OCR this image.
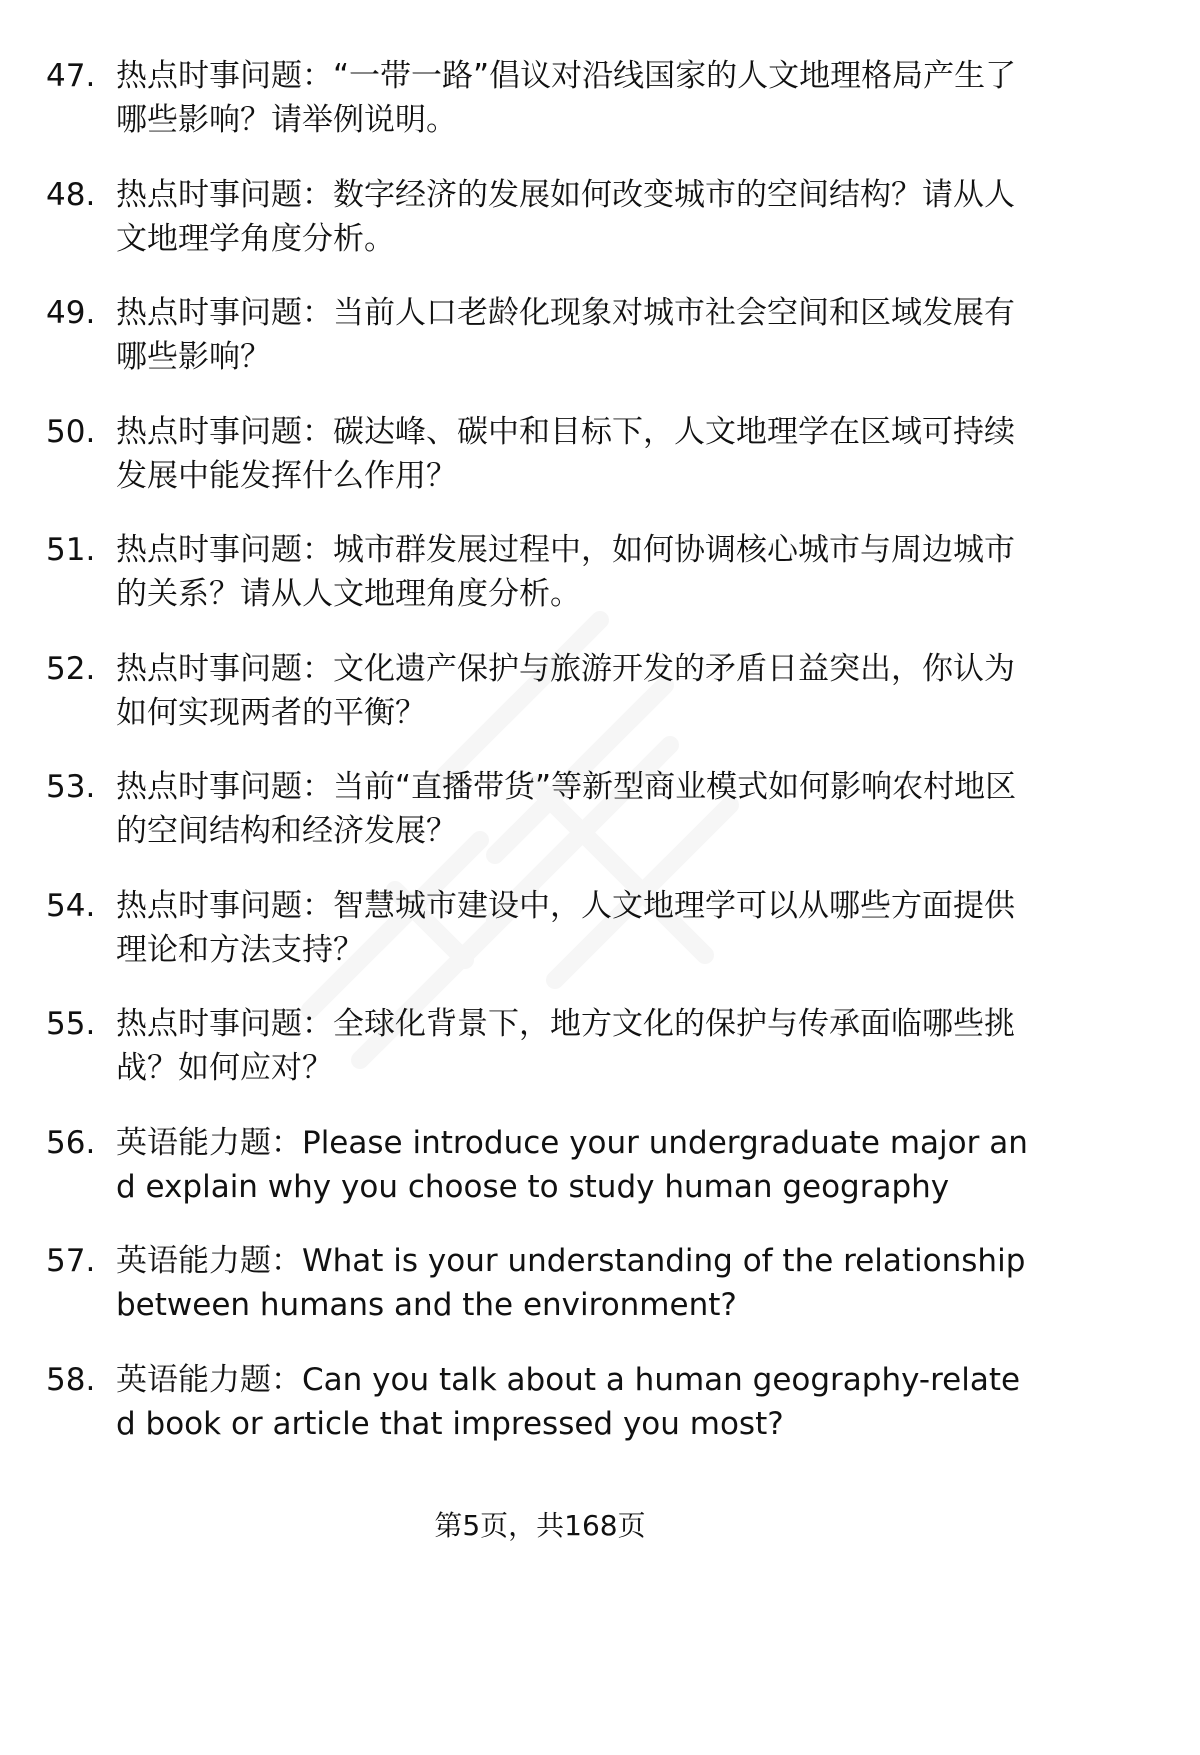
47. 热点时事问题：“一带一路”倡议对沿线国家的人文地理格局产生了哪些影响？请举例说明。
48. 热点时事问题：数字经济的发展如何改变城市的空间结构？请从人文地理学角度分析。
49. 热点时事问题：当前人口老龄化现象对城市社会空间和区域发展有哪些影响？
50. 热点时事问题：碳达峰、碳中和目标下，人文地理学在区域可持续发展中能发挥什么作用？
51. 热点时事问题：城市群发展过程中，如何协调核心城市与周边城市的关系？请从人文地理角度分析。
52. 热点时事问题：文化遗产保护与旅游开发的矛盾日益突出，你认为如何实现两者的平衡？
53. 热点时事问题：当前“直播带货”等新型商业模式如何影响农村地区的空间结构和经济发展？
54. 热点时事问题：智慧城市建设中，人文地理学可以从哪些方面提供理论和方法支持？
55. 热点时事问题：全球化背景下，地方文化的保护与传承面临哪些挑战？如何应对？
56. 英语能力题：Please introduce your undergraduate major and explain why you choose to study human geography
57. 英语能力题：What is your understanding of the relationship between humans and the environment?
58. 英语能力题：Can you talk about a human geography-related book or article that impressed you most?
第5页，共168页
